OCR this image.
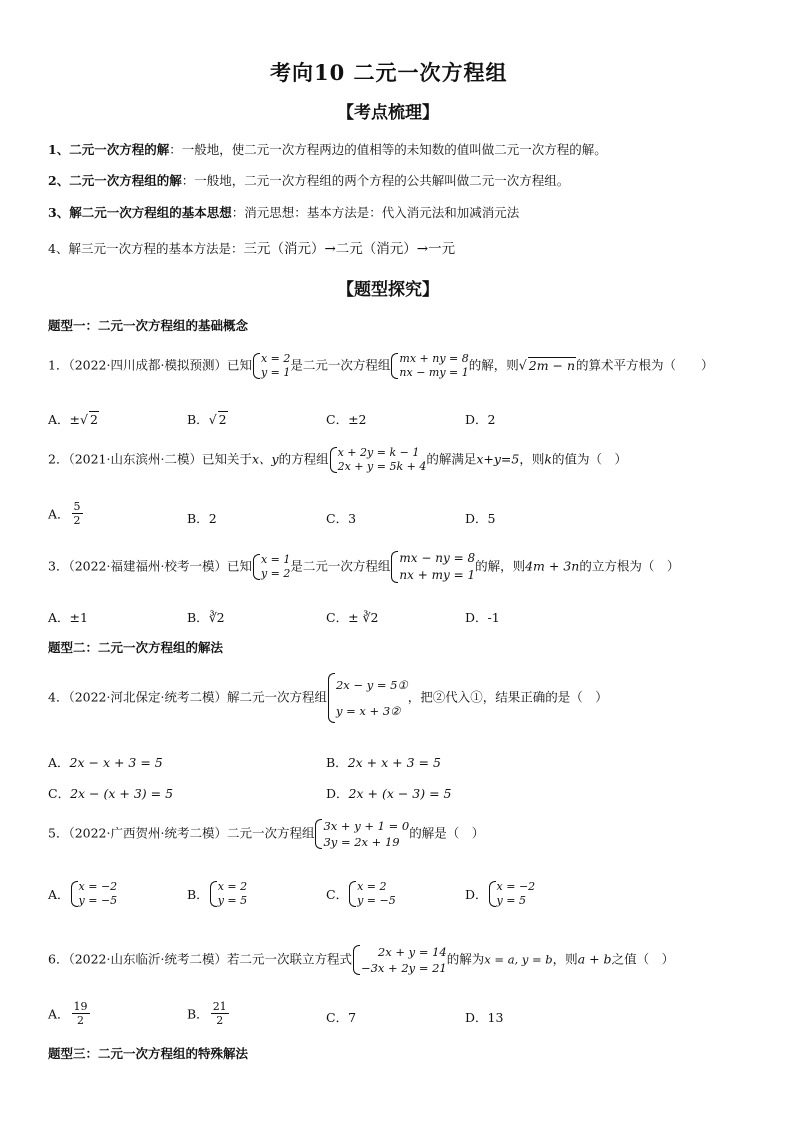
考向10 二元一次方程组
【考点梳理】
1、二元一次方程的解：一般地，使二元一次方程两边的值相等的未知数的值叫做二元一次方程的解。
2、二元一次方程组的解：一般地，二元一次方程组的两个方程的公共解叫做二元一次方程组。
3、解二元一次方程组的基本思想：消元思想：基本方法是：代入消元法和加减消元法
4、解三元一次方程的基本方法是：三元（消元）→二元（消元）→一元
【题型探究】
题型一：二元一次方程组的基础概念
1．（2022·四川成都·模拟预测）已知 x = 2
y = 1 是二元一次方程组 mx + ny = 8
nx − my = 1 的解，则√ 2m − n的算术平方根为（　　）
A．±√ 2	B．√ 2	C．±2	D．2
2．（2021·山东滨州·二模）已知关于x、y的方程组 x + 2y = k − 1
2x + y = 5k + 4 的解满足x+y=5，则k的值为（　）
A． $\frac{5}{2}$	B．2	C．3	D．5
3．（2022·福建福州·校考一模）已知 x = 1
y = 2 是二元一次方程组
mx − ny = 8
nx + my = 1
的解，则4m + 3n的立方根为（　）
A．±1	B．∛2	C．± ∛2	D．-1
题型二：二元一次方程组的解法
4．（2022·河北保定·统考二模）解二元一次方程组
2x − y = 5①
y = x + 3②
，把②代入①，结果正确的是（　）
A．2x − x + 3 = 5	B．2x + x + 3 = 5
C．2x − (x + 3) = 5	D．2x + (x − 3) = 5
5．（2022·广西贺州·统考二模）二元一次方程组 3x + y + 1 = 0
3y = 2x + 19
的解是（　）
A．
x = −2
y = −5	B．
x = 2
y = 5	C．
x = 2
y = −5	D．
x = −2
y = 5
6．（2022·山东临沂·统考二模）若二元一次联立方程式	2x + y = 14
−3x + 2y = 21
的解为x = a, y = b，则a + b之值（　）
A． $\frac{19}{2}$	B． $\frac{21}{2}$	C．7	D．13
题型三：二元一次方程组的特殊解法
